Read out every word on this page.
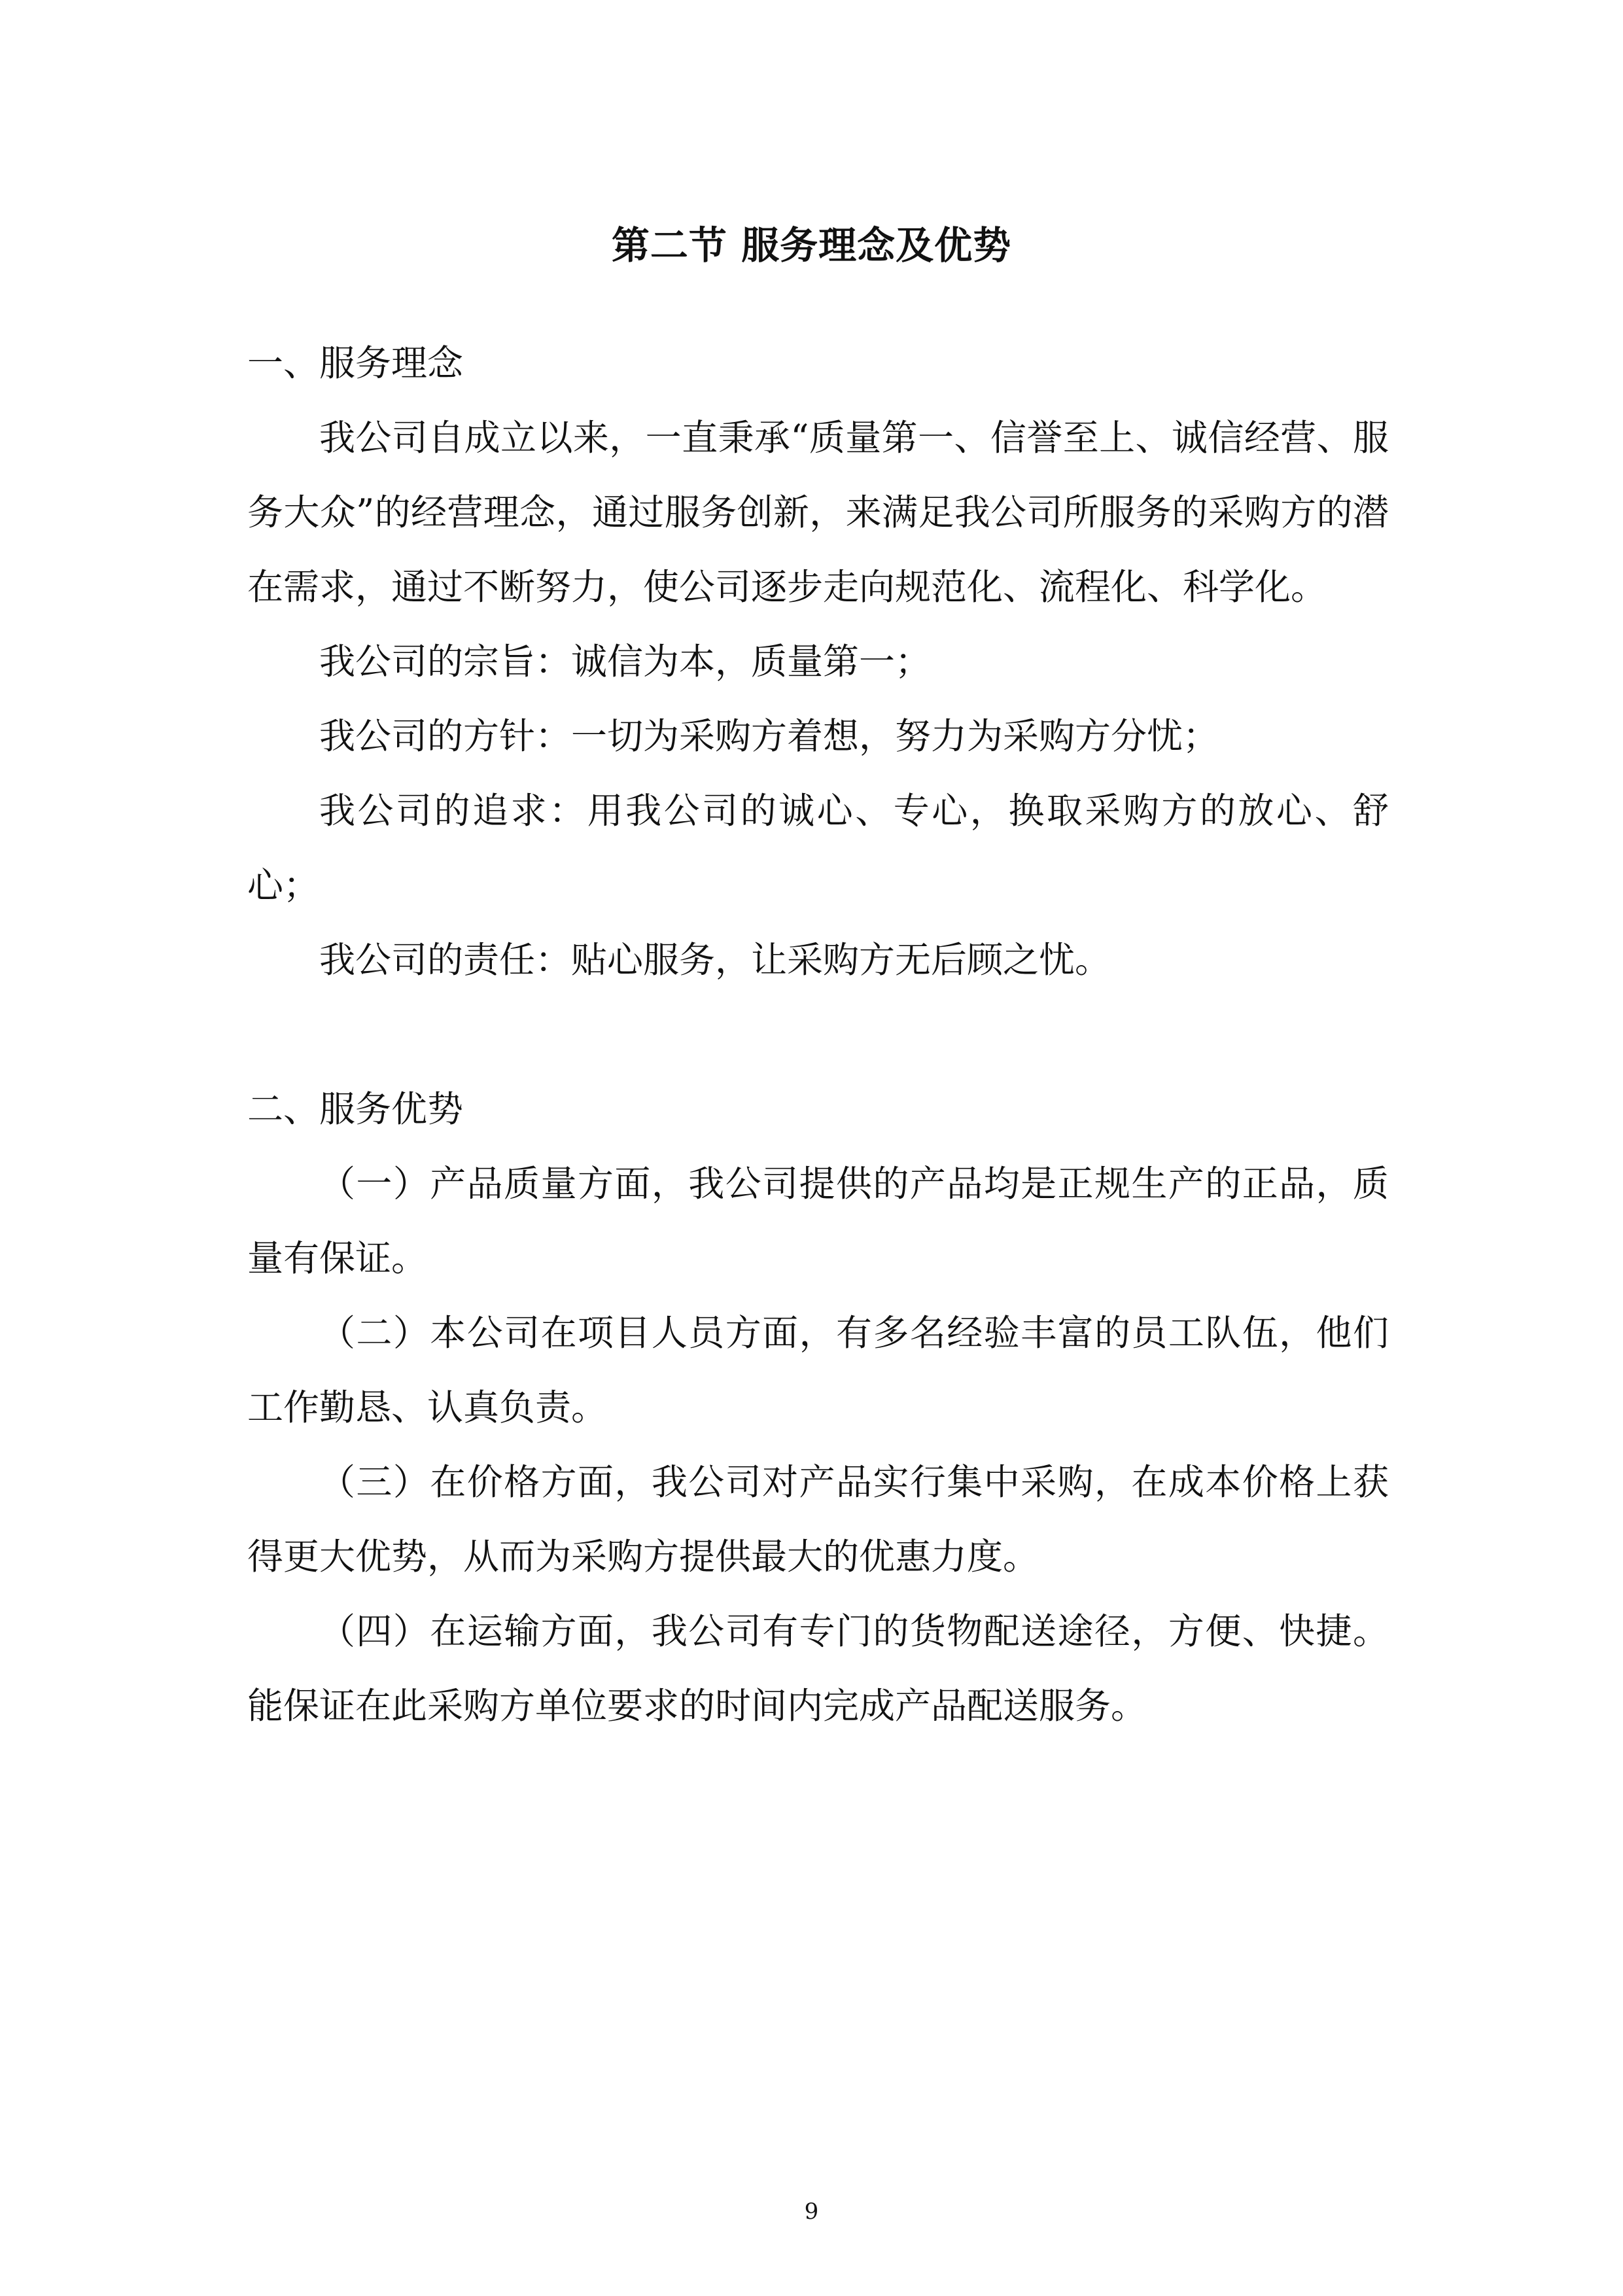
第二节 服务理念及优势

一、服务理念

我公司自成立以来，一直秉承“质量第一、信誉至上、诚信经营、服务大众”的经营理念，通过服务创新，来满足我公司所服务的采购方的潜在需求，通过不断努力，使公司逐步走向规范化、流程化、科学化。

我公司的宗旨：诚信为本，质量第一；

我公司的方针：一切为采购方着想，努力为采购方分忧；

我公司的追求：用我公司的诚心、专心，换取采购方的放心、舒心；

我公司的责任：贴心服务，让采购方无后顾之忧。

二、服务优势

（一）产品质量方面，我公司提供的产品均是正规生产的正品，质量有保证。

（二）本公司在项目人员方面，有多名经验丰富的员工队伍，他们工作勤恳、认真负责。

（三）在价格方面，我公司对产品实行集中采购，在成本价格上获得更大优势，从而为采购方提供最大的优惠力度。

（四）在运输方面，我公司有专门的货物配送途径，方便、快捷。能保证在此采购方单位要求的时间内完成产品配送服务。

9
